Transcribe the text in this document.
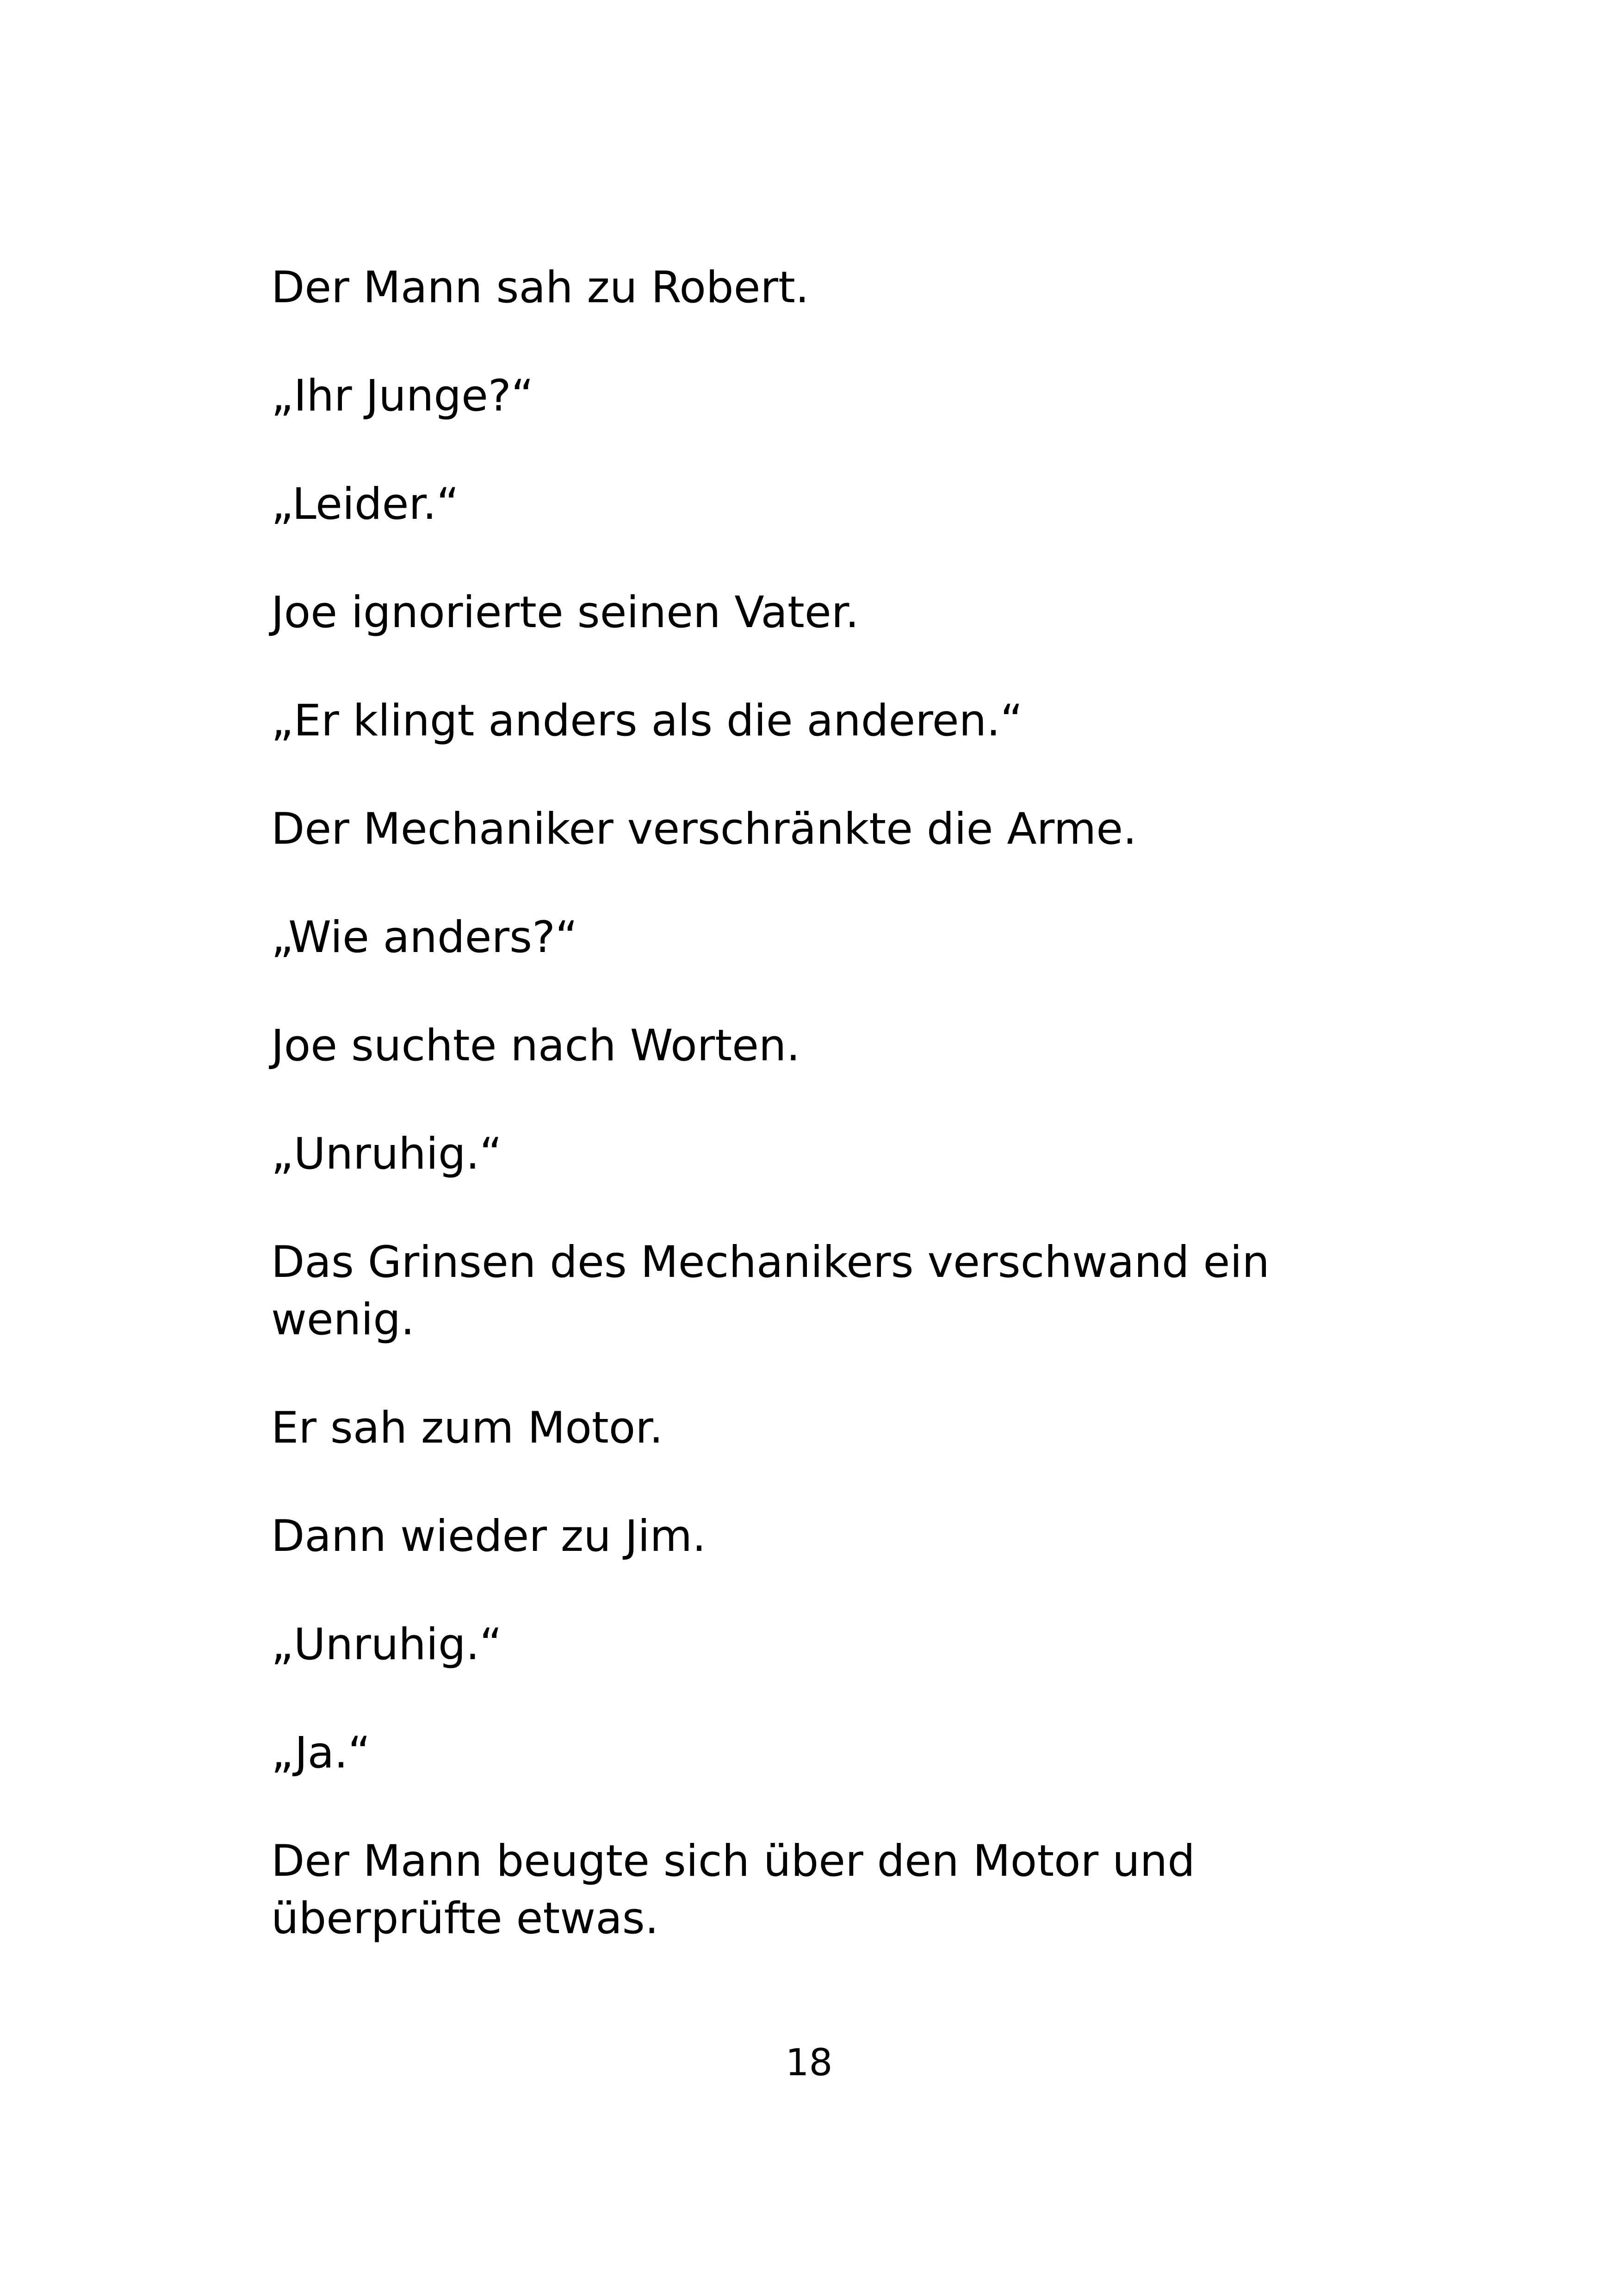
Der Mann sah zu Robert.

„Ihr Junge?“

„Leider.“

Joe ignorierte seinen Vater.

„Er klingt anders als die anderen.“

Der Mechaniker verschränkte die Arme.

„Wie anders?“

Joe suchte nach Worten.

„Unruhig.“

Das Grinsen des Mechanikers verschwand ein wenig.

Er sah zum Motor.

Dann wieder zu Jim.

„Unruhig.“

„Ja.“

Der Mann beugte sich über den Motor und überprüfte etwas.

18
